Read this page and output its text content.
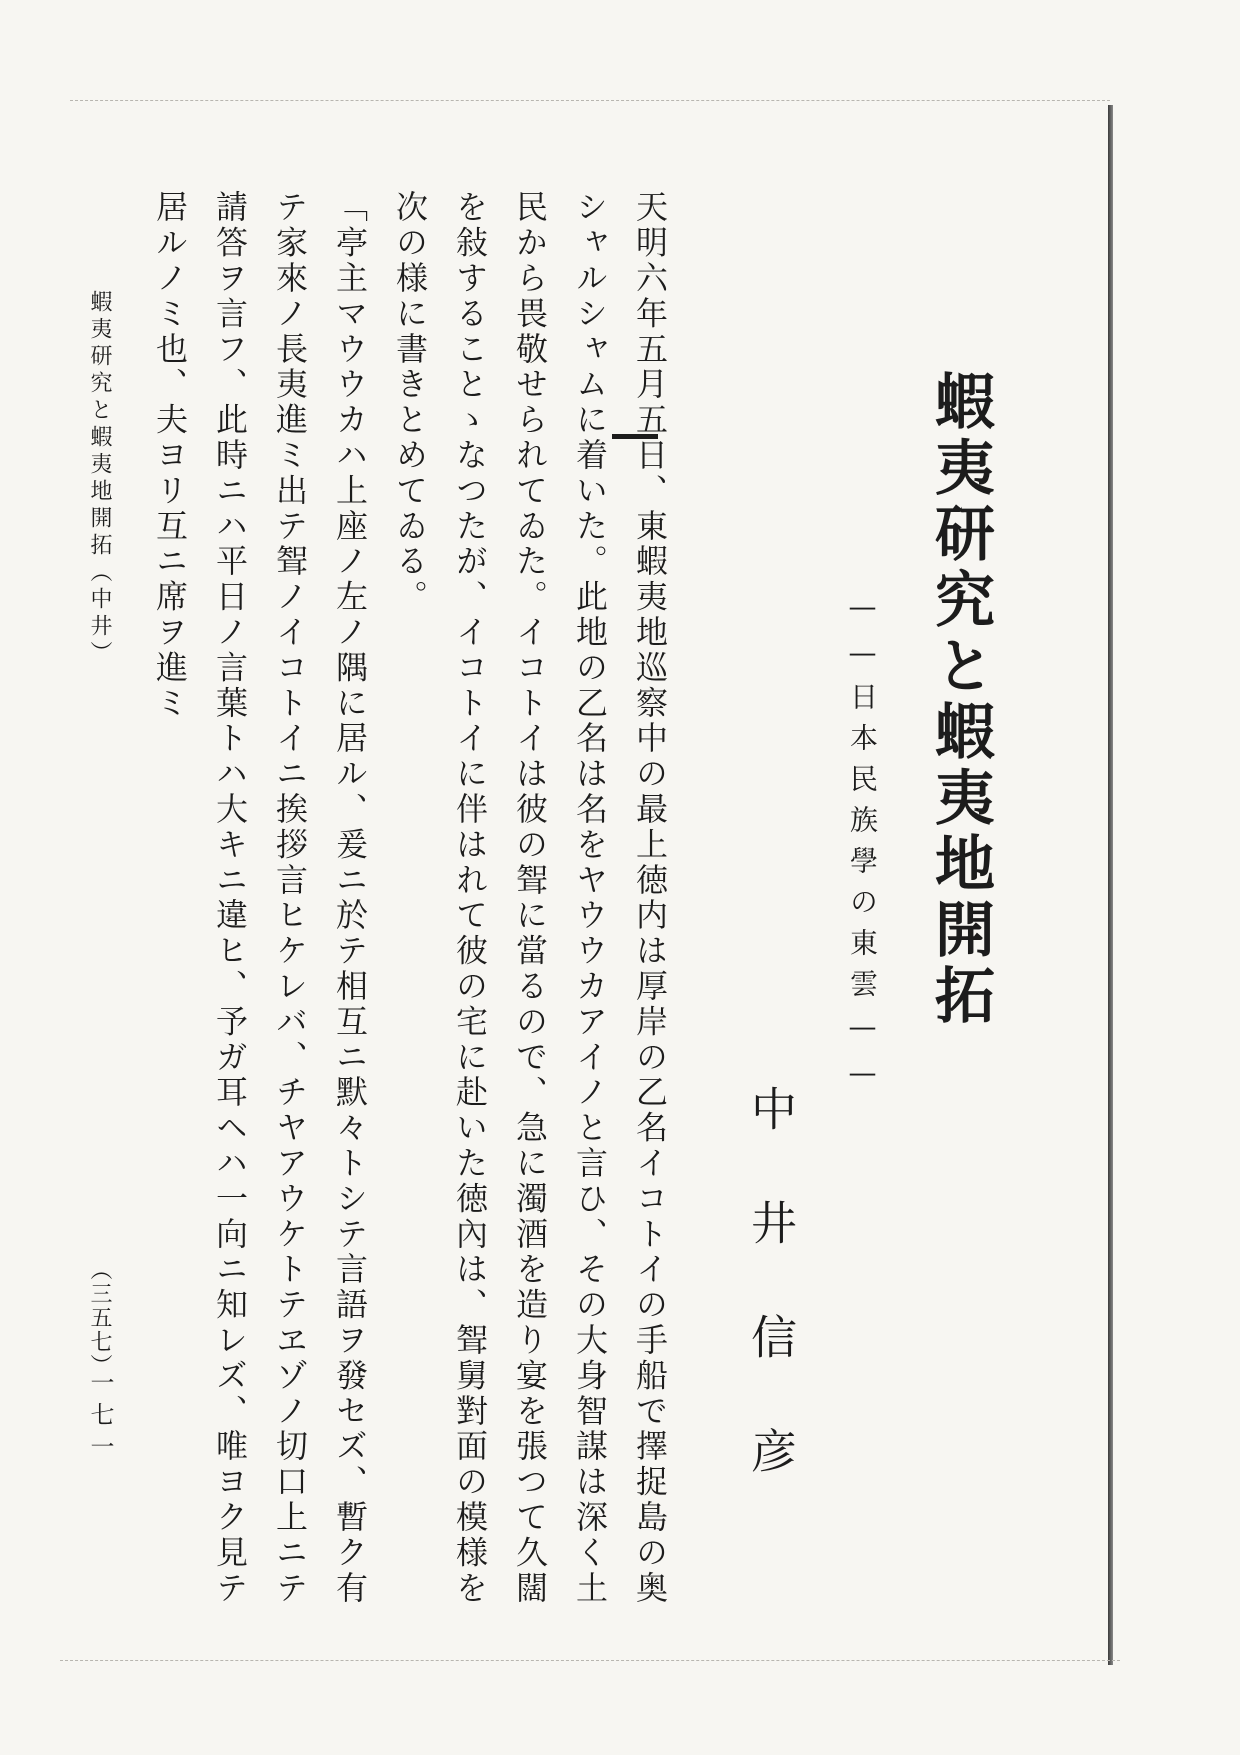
蝦夷研究と蝦夷地開拓
——日本民族學の東雲——
中井信彦

天明六年五月五日、東蝦夷地巡察中の最上徳内は厚岸の乙名イコトイの手船で擇捉島の奥シャルシャムに着いた。此地の乙名は名をヤウウカアイノと言ひ、その大身智謀は深く土民から畏敬せられてゐた。イコトイは彼の聟に當るので、急に濁酒を造り宴を張つて久闊を敍することゝなつたが、イコトイに伴はれて彼の宅に赴いた徳內は、聟舅對面の模様を次の様に書きとめてゐる。

「亭主マウウカハ上座ノ左ノ隅に居ル、爰ニ於テ相互ニ默々トシテ言語ヲ發セズ、暫ク有テ家來ノ長夷進ミ出テ聟ノイコトイニ挨拶言ヒケレバ、チヤアウケトテヱゾノ切口上ニテ請答ヲ言フ、此時ニハ平日ノ言葉トハ大キニ違ヒ、予ガ耳ヘハ一向ニ知レズ、唯ヨク見テ居ルノミ也、夫ヨリ互ニ席ヲ進ミ

蝦夷研究と蝦夷地開拓（中井）
（三五七）
一七一
